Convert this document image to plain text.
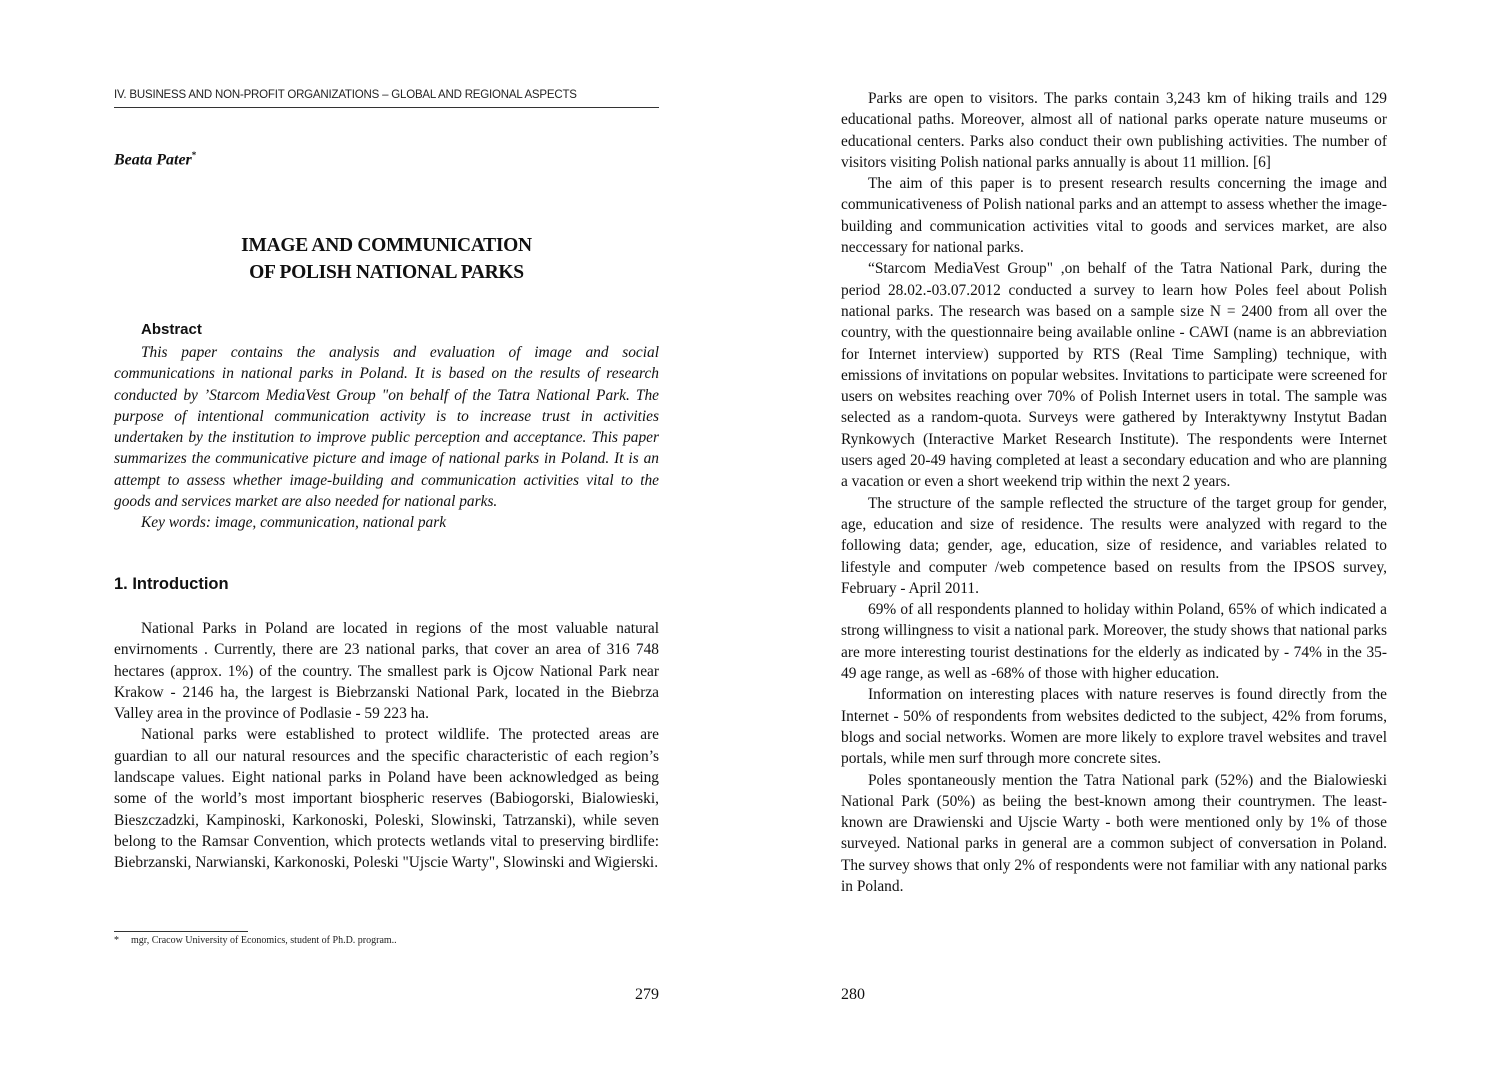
IV. BUSINESS AND NON-PROFIT ORGANIZATIONS – GLOBAL AND REGIONAL ASPECTS
Beata Pater*
IMAGE AND COMMUNICATION
OF POLISH NATIONAL PARKS
Abstract

This paper contains the analysis and evaluation of image and social communications in national parks in Poland. It is based on the results of research conducted by ’Starcom MediaVest Group "on behalf of the Tatra National Park. The purpose of intentional communication activity is to increase trust in activities undertaken by the institution to improve public perception and acceptance. This paper summarizes the communicative picture and image of national parks in Poland. It is an attempt to assess whether image-building and communication activities vital to the goods and services market are also needed for national parks.

Key words: image, communication, national park

1. Introduction

National Parks in Poland are located in regions of the most valuable natural envirnoments . Currently, there are 23 national parks, that cover an area of 316 748 hectares (approx. 1%) of the country. The smallest park is Ojcow National Park near Krakow - 2146 ha, the largest is Biebrzanski National Park, located in the Biebrza Valley area in the province of Podlasie - 59 223 ha.

National parks were established to protect wildlife. The protected areas are guardian to all our natural resources and the specific characteristic of each region’s landscape values. Eight national parks in Poland have been acknowledged as being some of the world’s most important biospheric reserves (Babiogorski, Bialowieski, Bieszczadzki, Kampinoski, Karkonoski, Poleski, Slowinski, Tatrzanski), while seven belong to the Ramsar Convention, which protects wetlands vital to preserving birdlife: Biebrzanski, Narwianski, Karkonoski, Poleski "Ujscie Warty", Slowinski and Wigierski.

* mgr, Cracow University of Economics, student of Ph.D. program..
279

Parks are open to visitors. The parks contain 3,243 km of hiking trails and 129 educational paths. Moreover, almost all of national parks operate nature museums or educational centers. Parks also conduct their own publishing activities. The number of visitors visiting Polish national parks annually is about 11 million. [6]

The aim of this paper is to present research results concerning the image and communicativeness of Polish national parks and an attempt to assess whether the image-building and communication activities vital to goods and services market, are also neccessary for national parks.

“Starcom MediaVest Group" ,on behalf of the Tatra National Park, during the period 28.02.-03.07.2012 conducted a survey to learn how Poles feel about Polish national parks. The research was based on a sample size N = 2400 from all over the country, with the questionnaire being available online - CAWI (name is an abbreviation for Internet interview) supported by RTS (Real Time Sampling) technique, with emissions of invitations on popular websites. Invitations to participate were screened for users on websites reaching over 70% of Polish Internet users in total. The sample was selected as a random-quota. Surveys were gathered by Interaktywny Instytut Badan Rynkowych (Interactive Market Research Institute). The respondents were Internet users aged 20-49 having completed at least a secondary education and who are planning a vacation or even a short weekend trip within the next 2 years.

The structure of the sample reflected the structure of the target group for gender, age, education and size of residence. The results were analyzed with regard to the following data; gender, age, education, size of residence, and variables related to lifestyle and computer /web competence based on results from the IPSOS survey, February - April 2011.

69% of all respondents planned to holiday within Poland, 65% of which indicated a strong willingness to visit a national park. Moreover, the study shows that national parks are more interesting tourist destinations for the elderly as indicated by - 74% in the 35-49 age range, as well as -68% of those with higher education.

Information on interesting places with nature reserves is found directly from the Internet - 50% of respondents from websites dedicted to the subject, 42% from forums, blogs and social networks. Women are more likely to explore travel websites and travel portals, while men surf through more concrete sites.

Poles spontaneously mention the Tatra National park (52%) and the Bialowieski National Park (50%) as beiing the best-known among their countrymen. The least-known are Drawienski and Ujscie Warty - both were mentioned only by 1% of those surveyed. National parks in general are a common subject of conversation in Poland. The survey shows that only 2% of respondents were not familiar with any national parks in Poland.

280
